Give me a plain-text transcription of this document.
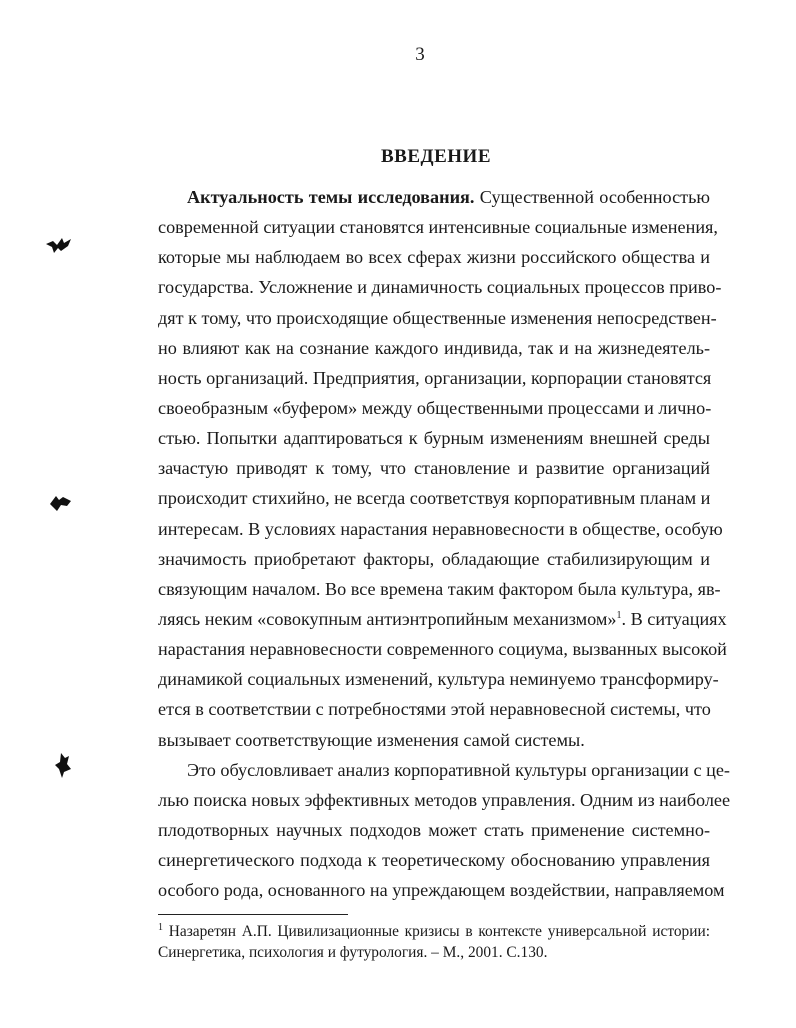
3
ВВЕДЕНИЕ
Актуальность темы исследования. Существенной особенностью
современной ситуации становятся интенсивные социальные изменения,
которые мы наблюдаем во всех сферах жизни российского общества и
государства. Усложнение и динамичность социальных процессов приво-
дят к тому, что происходящие общественные изменения непосредствен-
но влияют как на сознание каждого индивида, так и на жизнедеятель-
ность организаций. Предприятия, организации, корпорации становятся
своеобразным «буфером» между общественными процессами и лично-
стью. Попытки адаптироваться к бурным изменениям внешней среды
зачастую приводят к тому, что становление и развитие организаций
происходит стихийно, не всегда соответствуя корпоративным планам и
интересам. В условиях нарастания неравновесности в обществе, особую
значимость приобретают факторы, обладающие стабилизирующим и
связующим началом. Во все времена таким фактором была культура, яв-
ляясь неким «совокупным антиэнтропийным механизмом»$^1$. В ситуациях
нарастания неравновесности современного социума, вызванных высокой
динамикой социальных изменений, культура неминуемо трансформиру-
ется в соответствии с потребностями этой неравновесной системы, что
вызывает соответствующие изменения самой системы.
Это обусловливает анализ корпоративной культуры организации с це-
лью поиска новых эффективных методов управления. Одним из наиболее
плодотворных научных подходов может стать применение системно-
синергетического подхода к теоретическому обоснованию управления
особого рода, основанного на упреждающем воздействии, направляемом
$^1$ Назаретян А.П. Цивилизационные кризисы в контексте универсальной истории:
Синергетика, психология и футурология. – М., 2001. С.130.
